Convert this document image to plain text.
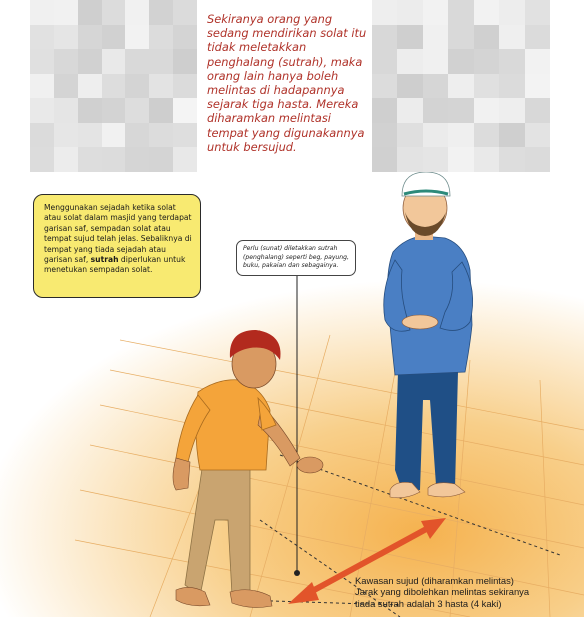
Sekiranya orang yang sedang mendirikan solat itu tidak meletakkan penghalang (sutrah), maka orang lain hanya boleh melintas di hadapannya sejarak tiga hasta. Mereka diharamkan melintasi tempat yang digunakannya untuk bersujud.

Menggunakan sejadah ketika solat atau solat dalam masjid yang terdapat garisan saf, sempadan solat atau tempat sujud telah jelas. Sebaliknya di tempat yang tiada sejadah atau garisan saf, sutrah diperlukan untuk menetukan sempadan solat.
Perlu (sunat) diletakkan sutrah (penghalang) seperti beg, payung, buku, pakaian dan sebagainya.
Kawasan sujud (diharamkan melintas)
Jarak yang dibolehkan melintas sekiranya
tiada sutrah adalah 3 hasta (4 kaki)
